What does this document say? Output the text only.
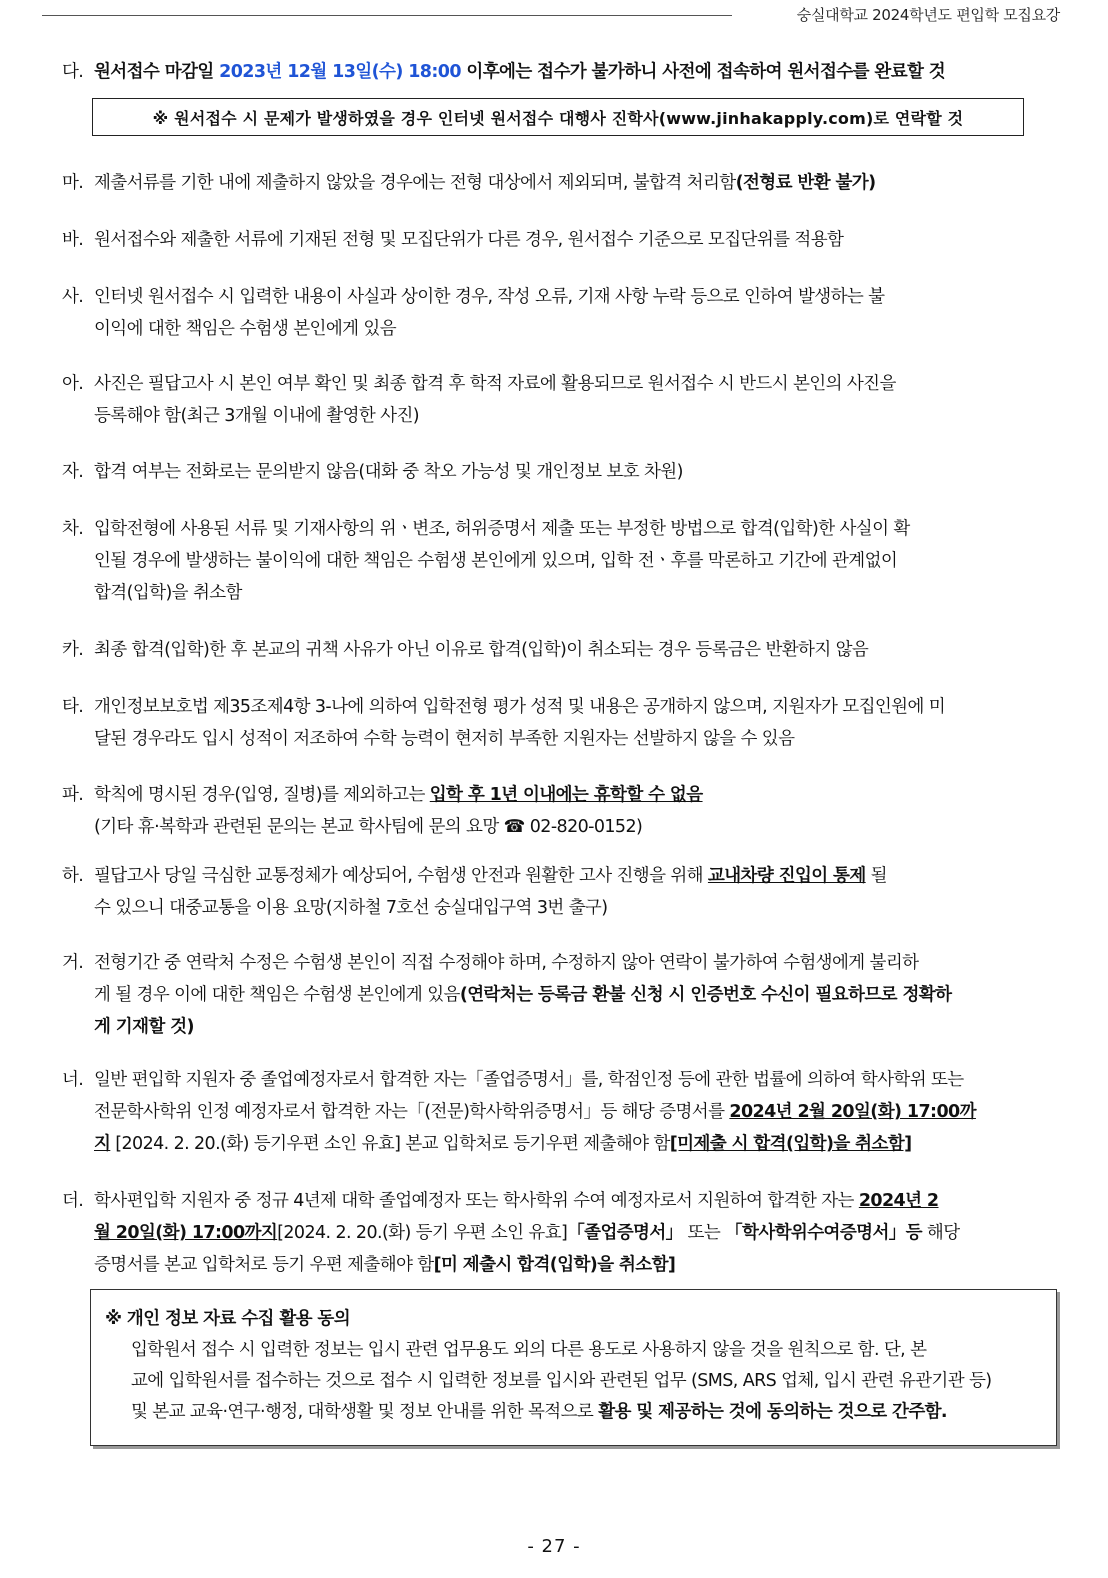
숭실대학교 2024학년도 편입학 모집요강
다. 원서접수 마감일 2023년 12월 13일(수) 18:00 이후에는 접수가 불가하니 사전에 접속하여 원서접수를 완료할 것
※ 원서접수 시 문제가 발생하였을 경우 인터넷 원서접수 대행사 진학사(www.jinhakapply.com)로 연락할 것
마. 제출서류를 기한 내에 제출하지 않았을 경우에는 전형 대상에서 제외되며, 불합격 처리함(전형료 반환 불가)
바. 원서접수와 제출한 서류에 기재된 전형 및 모집단위가 다른 경우, 원서접수 기준으로 모집단위를 적용함
사. 인터넷 원서접수 시 입력한 내용이 사실과 상이한 경우, 작성 오류, 기재 사항 누락 등으로 인하여 발생하는 불
이익에 대한 책임은 수험생 본인에게 있음
아. 사진은 필답고사 시 본인 여부 확인 및 최종 합격 후 학적 자료에 활용되므로 원서접수 시 반드시 본인의 사진을
등록해야 함(최근 3개월 이내에 촬영한 사진)
자. 합격 여부는 전화로는 문의받지 않음(대화 중 착오 가능성 및 개인정보 보호 차원)
차. 입학전형에 사용된 서류 및 기재사항의 위ㆍ변조, 허위증명서 제출 또는 부정한 방법으로 합격(입학)한 사실이 확
인될 경우에 발생하는 불이익에 대한 책임은 수험생 본인에게 있으며, 입학 전ㆍ후를 막론하고 기간에 관계없이
합격(입학)을 취소함
카. 최종 합격(입학)한 후 본교의 귀책 사유가 아닌 이유로 합격(입학)이 취소되는 경우 등록금은 반환하지 않음
타. 개인정보보호법 제35조제4항 3-나에 의하여 입학전형 평가 성적 및 내용은 공개하지 않으며, 지원자가 모집인원에 미
달된 경우라도 입시 성적이 저조하여 수학 능력이 현저히 부족한 지원자는 선발하지 않을 수 있음
파. 학칙에 명시된 경우(입영, 질병)를 제외하고는 입학 후 1년 이내에는 휴학할 수 없음
(기타 휴·복학과 관련된 문의는 본교 학사팀에 문의 요망 ☎ 02-820-0152)
하. 필답고사 당일 극심한 교통정체가 예상되어, 수험생 안전과 원활한 고사 진행을 위해 교내차량 진입이 통제 될
수 있으니 대중교통을 이용 요망(지하철 7호선 숭실대입구역 3번 출구)
거. 전형기간 중 연락처 수정은 수험생 본인이 직접 수정해야 하며, 수정하지 않아 연락이 불가하여 수험생에게 불리하
게 될 경우 이에 대한 책임은 수험생 본인에게 있음(연락처는 등록금 환불 신청 시 인증번호 수신이 필요하므로 정확하
게 기재할 것)
너. 일반 편입학 지원자 중 졸업예정자로서 합격한 자는「졸업증명서」를, 학점인정 등에 관한 법률에 의하여 학사학위 또는
전문학사학위 인정 예정자로서 합격한 자는「(전문)학사학위증명서」등 해당 증명서를 2024년 2월 20일(화) 17:00까
지 [2024. 2. 20.(화) 등기우편 소인 유효] 본교 입학처로 등기우편 제출해야 함[미제출 시 합격(입학)을 취소함]
더. 학사편입학 지원자 중 정규 4년제 대학 졸업예정자 또는 학사학위 수여 예정자로서 지원하여 합격한 자는 2024년 2
월 20일(화) 17:00까지[2024. 2. 20.(화) 등기 우편 소인 유효]「졸업증명서」 또는 「학사학위수여증명서」등 해당
증명서를 본교 입학처로 등기 우편 제출해야 함[미 제출시 합격(입학)을 취소함]
※ 개인 정보 자료 수집 활용 동의
입학원서 접수 시 입력한 정보는 입시 관련 업무용도 외의 다른 용도로 사용하지 않을 것을 원칙으로 함. 단, 본
교에 입학원서를 접수하는 것으로 접수 시 입력한 정보를 입시와 관련된 업무 (SMS, ARS 업체, 입시 관련 유관기관 등)
및 본교 교육·연구·행정, 대학생활 및 정보 안내를 위한 목적으로 활용 및 제공하는 것에 동의하는 것으로 간주함.
- 27 -
